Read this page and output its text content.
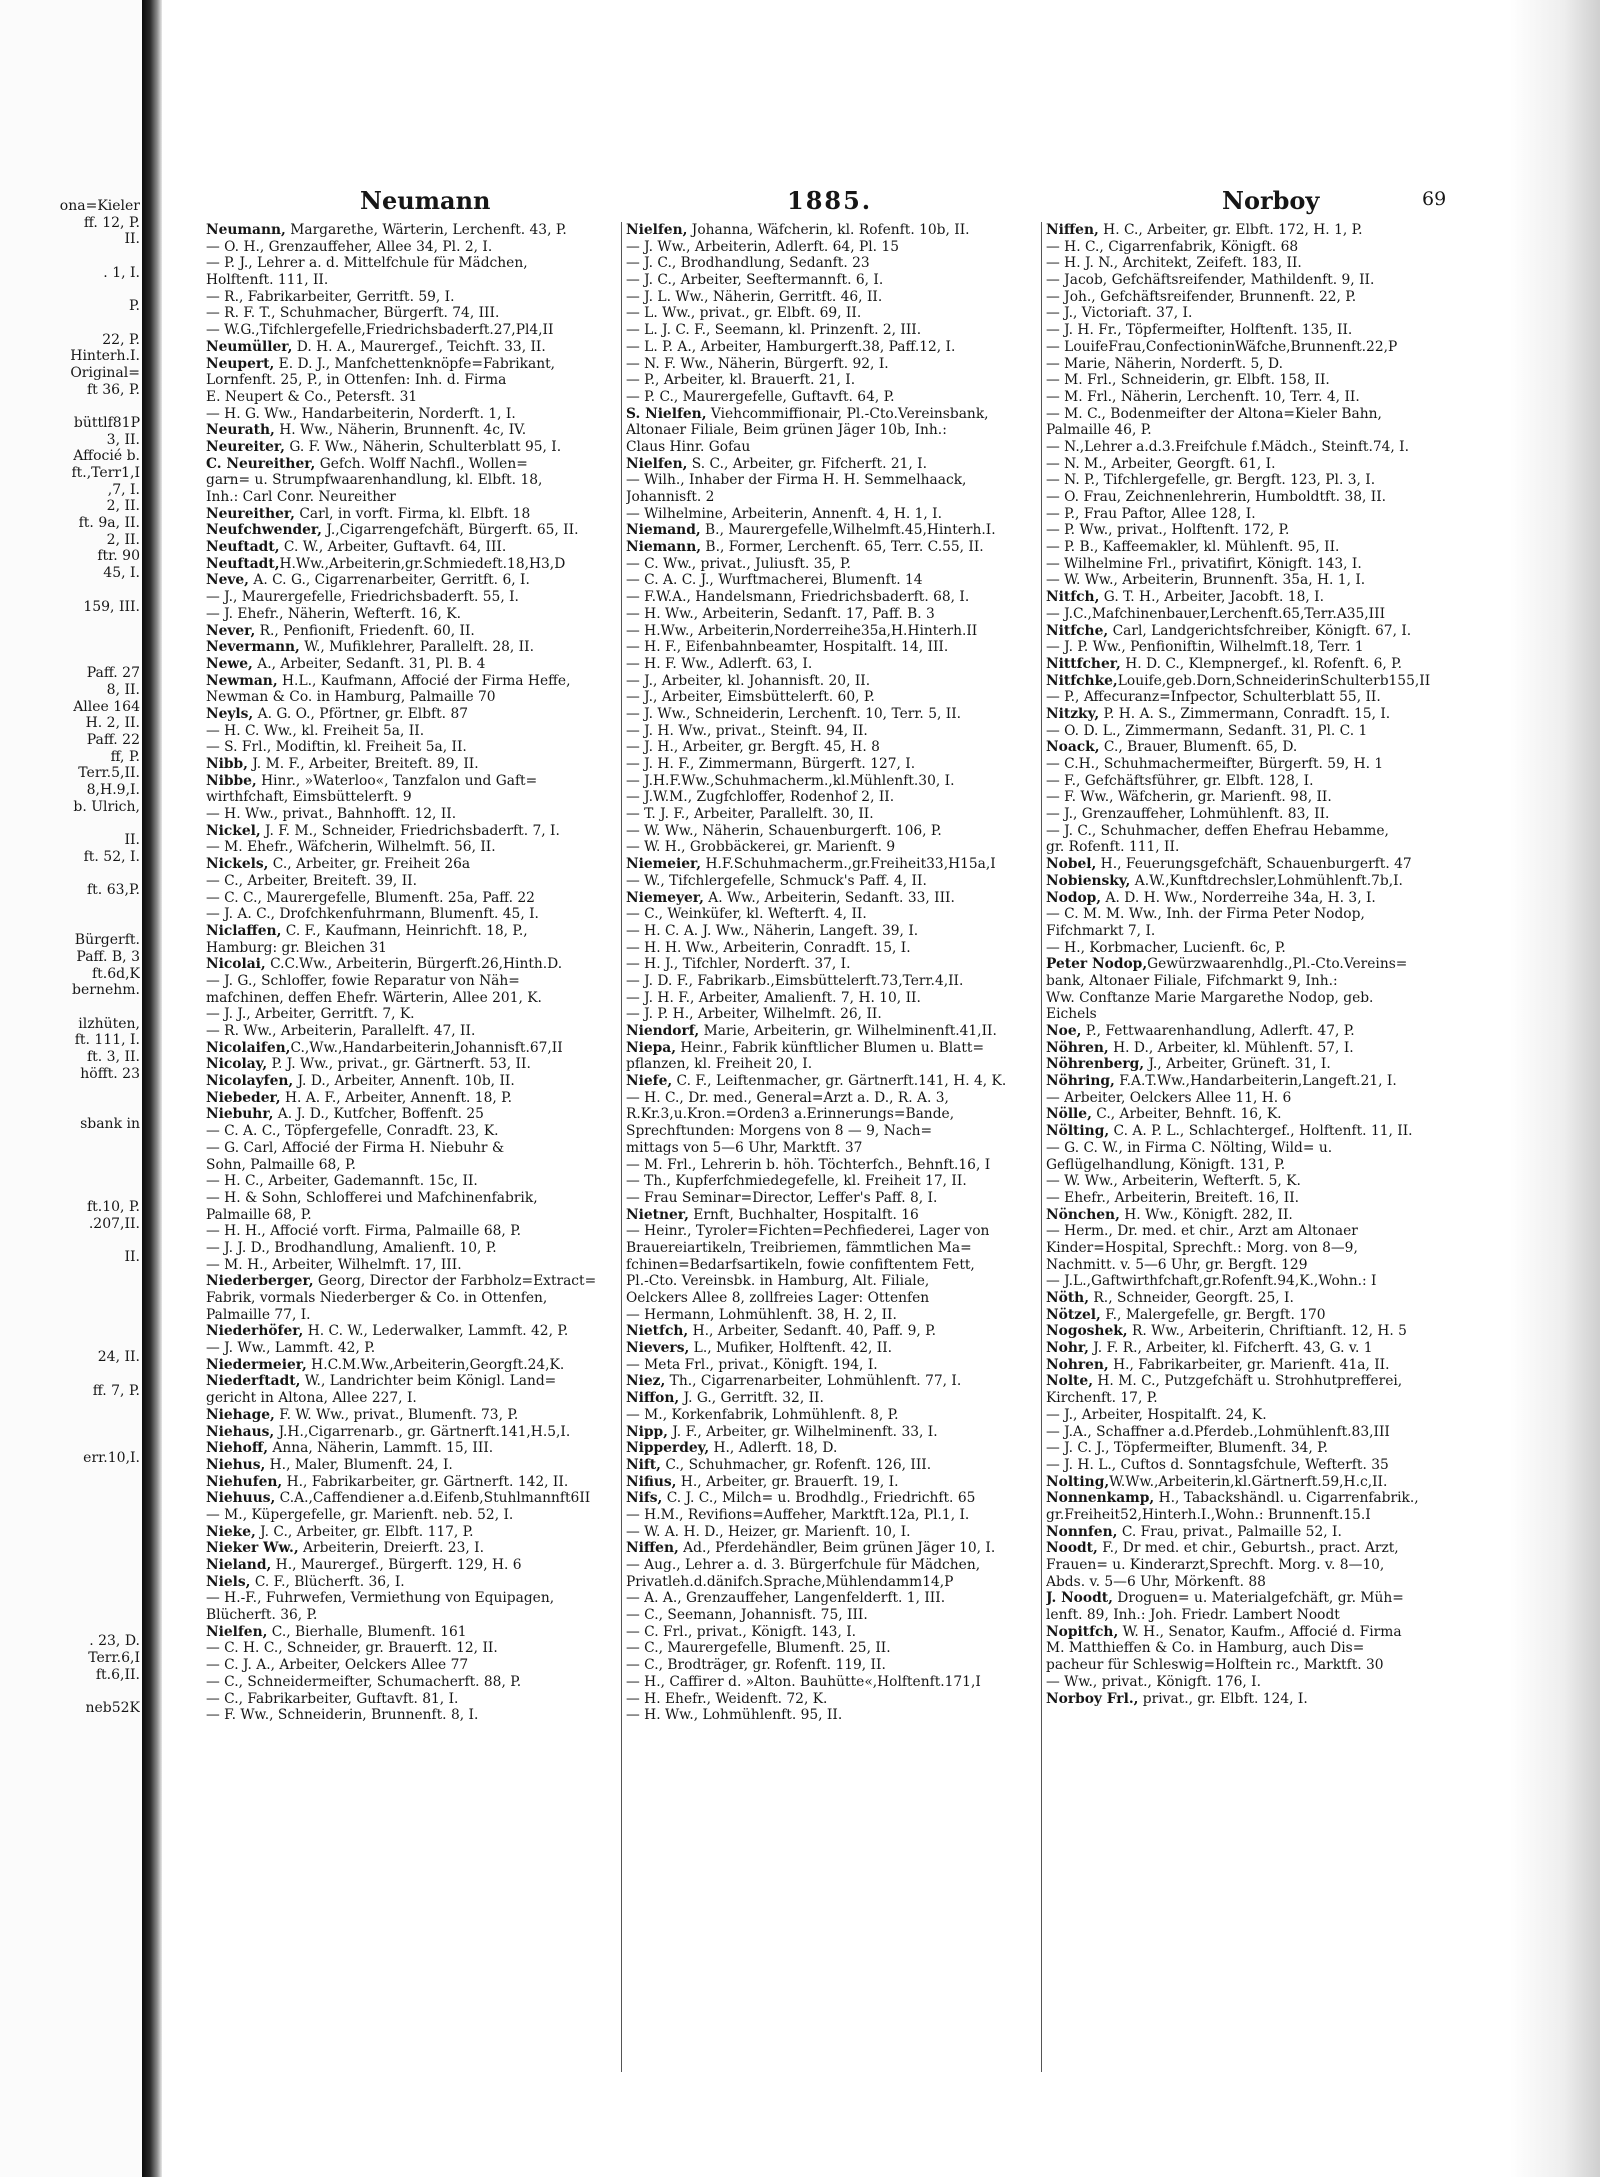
ona=Kieler
ff. 12, P.
II.
. 1, I.
P.
22, P.
Hinterh.I.
Original=
ft 36, P.
büttlf81P
3, II.
Affocié b.
ft.,Terr1,I
,7, I.
2, II.
ft. 9a, II.
2, II.
ftr. 90
45, I.
159, III.
Paff. 27
8, II.
Allee 164
H. 2, II.
Paff. 22
ff, P.
Terr.5,II.
8,H.9,I.
b. Ulrich,
II.
ft. 52, I.
ft. 63,P.
Bürgerft.
Paff. B, 3
ft.6d,K
bernehm.
ilzhüten,
ft. 111, I.
ft. 3, II.
höfft. 23
sbank in
ft.10, P.
.207,II.
II.
24, II.
ff. 7, P.
err.10,I.
. 23, D.
Terr.6,I
ft.6,II.
neb52K
Neumann	1885.	Norboy	69
Neumann, Margarethe, Wärterin, Lerchenft. 43, P.
— O. H., Grenzauffeher, Allee 34, Pl. 2, I.
— P. J., Lehrer a. d. Mittelfchule für Mädchen,
Holftenft. 111, II.
— R., Fabrikarbeiter, Gerritft. 59, I.
— R. F. T., Schuhmacher, Bürgerft. 74, III.
— W.G.,Tifchlergefelle,Friedrichsbaderft.27,Pl4,II
Neumüller, D. H. A., Maurergef., Teichft. 33, II.
Neupert, E. D. J., Manfchettenknöpfe=Fabrikant,
Lornfenft. 25, P., in Ottenfen: Inh. d. Firma
E. Neupert & Co., Petersft. 31
— H. G. Ww., Handarbeiterin, Norderft. 1, I.
Neurath, H. Ww., Näherin, Brunnenft. 4c, IV.
Neureiter, G. F. Ww., Näherin, Schulterblatt 95, I.
C. Neureither, Gefch. Wolff Nachfl., Wollen=
garn= u. Strumpfwaarenhandlung, kl. Elbft. 18,
Inh.: Carl Conr. Neureither
Neureither, Carl, in vorft. Firma, kl. Elbft. 18
Neufchwender, J.,Cigarrengefchäft, Bürgerft. 65, II.
Neuftadt, C. W., Arbeiter, Guftavft. 64, III.
Neuftadt,H.Ww.,Arbeiterin,gr.Schmiedeft.18,H3,D
Neve, A. C. G., Cigarrenarbeiter, Gerritft. 6, I.
— J., Maurergefelle, Friedrichsbaderft. 55, I.
— J. Ehefr., Näherin, Wefterft. 16, K.
Never, R., Penfionift, Friedenft. 60, II.
Nevermann, W., Mufiklehrer, Parallelft. 28, II.
Newe, A., Arbeiter, Sedanft. 31, Pl. B. 4
Newman, H.L., Kaufmann, Affocié der Firma Heffe,
Newman & Co. in Hamburg, Palmaille 70
Neyls, A. G. O., Pförtner, gr. Elbft. 87
— H. C. Ww., kl. Freiheit 5a, II.
— S. Frl., Modiftin, kl. Freiheit 5a, II.
Nibb, J. M. F., Arbeiter, Breiteft. 89, II.
Nibbe, Hinr., »Waterloo«, Tanzfalon und Gaft=
wirthfchaft, Eimsbüttelerft. 9
— H. Ww., privat., Bahnhofft. 12, II.
Nickel, J. F. M., Schneider, Friedrichsbaderft. 7, I.
— M. Ehefr., Wäfcherin, Wilhelmft. 56, II.
Nickels, C., Arbeiter, gr. Freiheit 26a
— C., Arbeiter, Breiteft. 39, II.
— C. C., Maurergefelle, Blumenft. 25a, Paff. 22
— J. A. C., Drofchkenfuhrmann, Blumenft. 45, I.
Niclaffen, C. F., Kaufmann, Heinrichft. 18, P.,
Hamburg: gr. Bleichen 31
Nicolai, C.C.Ww., Arbeiterin, Bürgerft.26,Hinth.D.
— J. G., Schloffer, fowie Reparatur von Näh=
mafchinen, deffen Ehefr. Wärterin, Allee 201, K.
— J. J., Arbeiter, Gerritft. 7, K.
— R. Ww., Arbeiterin, Parallelft. 47, II.
Nicolaifen,C.,Ww.,Handarbeiterin,Johannisft.67,II
Nicolay, P. J. Ww., privat., gr. Gärtnerft. 53, II.
Nicolayfen, J. D., Arbeiter, Annenft. 10b, II.
Niebeder, H. A. F., Arbeiter, Annenft. 18, P.
Niebuhr, A. J. D., Kutfcher, Boffenft. 25
— C. A. C., Töpfergefelle, Conradft. 23, K.
— G. Carl, Affocié der Firma H. Niebuhr &
Sohn, Palmaille 68, P.
— H. C., Arbeiter, Gademannft. 15c, II.
— H. & Sohn, Schlofferei und Mafchinenfabrik,
Palmaille 68, P.
— H. H., Affocié vorft. Firma, Palmaille 68, P.
— J. J. D., Brodhandlung, Amalienft. 10, P.
— M. H., Arbeiter, Wilhelmft. 17, III.
Niederberger, Georg, Director der Farbholz=Extract=
Fabrik, vormals Niederberger & Co. in Ottenfen,
Palmaille 77, I.
Niederhöfer, H. C. W., Lederwalker, Lammft. 42, P.
— J. Ww., Lammft. 42, P.
Niedermeier, H.C.M.Ww.,Arbeiterin,Georgft.24,K.
Niederftadt, W., Landrichter beim Königl. Land=
gericht in Altona, Allee 227, I.
Niehage, F. W. Ww., privat., Blumenft. 73, P.
Niehaus, J.H.,Cigarrenarb., gr. Gärtnerft.141,H.5,I.
Niehoff, Anna, Näherin, Lammft. 15, III.
Niehus, H., Maler, Blumenft. 24, I.
Niehufen, H., Fabrikarbeiter, gr. Gärtnerft. 142, II.
Niehuus, C.A.,Caffendiener a.d.Eifenb,Stuhlmannft6II
— M., Küpergefelle, gr. Marienft. neb. 52, I.
Nieke, J. C., Arbeiter, gr. Elbft. 117, P.
Nieker Ww., Arbeiterin, Dreierft. 23, I.
Nieland, H., Maurergef., Bürgerft. 129, H. 6
Niels, C. F., Blücherft. 36, I.
— H.-F., Fuhrwefen, Vermiethung von Equipagen,
Blücherft. 36, P.
Nielfen, C., Bierhalle, Blumenft. 161
— C. H. C., Schneider, gr. Brauerft. 12, II.
— C. J. A., Arbeiter, Oelckers Allee 77
— C., Schneidermeifter, Schumacherft. 88, P.
— C., Fabrikarbeiter, Guftavft. 81, I.
— F. Ww., Schneiderin, Brunnenft. 8, I.
Nielfen, Johanna, Wäfcherin, kl. Rofenft. 10b, II.
— J. Ww., Arbeiterin, Adlerft. 64, Pl. 15
— J. C., Brodhandlung, Sedanft. 23
— J. C., Arbeiter, Seeftermannft. 6, I.
— J. L. Ww., Näherin, Gerritft. 46, II.
— L. Ww., privat., gr. Elbft. 69, II.
— L. J. C. F., Seemann, kl. Prinzenft. 2, III.
— L. P. A., Arbeiter, Hamburgerft.38, Paff.12, I.
— N. F. Ww., Näherin, Bürgerft. 92, I.
— P., Arbeiter, kl. Brauerft. 21, I.
— P. C., Maurergefelle, Guftavft. 64, P.
S. Nielfen, Viehcommiffionair, Pl.-Cto.Vereinsbank,
Altonaer Filiale, Beim grünen Jäger 10b, Inh.:
Claus Hinr. Gofau
Nielfen, S. C., Arbeiter, gr. Fifcherft. 21, I.
— Wilh., Inhaber der Firma H. H. Semmelhaack,
Johannisft. 2
— Wilhelmine, Arbeiterin, Annenft. 4, H. 1, I.
Niemand, B., Maurergefelle,Wilhelmft.45,Hinterh.I.
Niemann, B., Former, Lerchenft. 65, Terr. C.55, II.
— C. Ww., privat., Juliusft. 35, P.
— C. A. C. J., Wurftmacherei, Blumenft. 14
— F.W.A., Handelsmann, Friedrichsbaderft. 68, I.
— H. Ww., Arbeiterin, Sedanft. 17, Paff. B. 3
— H.Ww., Arbeiterin,Norderreihe35a,H.Hinterh.II
— H. F., Eifenbahnbeamter, Hospitalft. 14, III.
— H. F. Ww., Adlerft. 63, I.
— J., Arbeiter, kl. Johannisft. 20, II.
— J., Arbeiter, Eimsbüttelerft. 60, P.
— J. Ww., Schneiderin, Lerchenft. 10, Terr. 5, II.
— J. H. Ww., privat., Steinft. 94, II.
— J. H., Arbeiter, gr. Bergft. 45, H. 8
— J. H. F., Zimmermann, Bürgerft. 127, I.
— J.H.F.Ww.,Schuhmacherm.,kl.Mühlenft.30, I.
— J.W.M., Zugfchloffer, Rodenhof 2, II.
— T. J. F., Arbeiter, Parallelft. 30, II.
— W. Ww., Näherin, Schauenburgerft. 106, P.
— W. H., Grobbäckerei, gr. Marienft. 9
Niemeier, H.F.Schuhmacherm.,gr.Freiheit33,H15a,I
— W., Tifchlergefelle, Schmuck's Paff. 4, II.
Niemeyer, A. Ww., Arbeiterin, Sedanft. 33, III.
— C., Weinküfer, kl. Wefterft. 4, II.
— H. C. A. J. Ww., Näherin, Langeft. 39, I.
— H. H. Ww., Arbeiterin, Conradft. 15, I.
— H. J., Tifchler, Norderft. 37, I.
— J. D. F., Fabrikarb.,Eimsbüttelerft.73,Terr.4,II.
— J. H. F., Arbeiter, Amalienft. 7, H. 10, II.
— J. P. H., Arbeiter, Wilhelmft. 26, II.
Niendorf, Marie, Arbeiterin, gr. Wilhelminenft.41,II.
Niepa, Heinr., Fabrik künftlicher Blumen u. Blatt=
pflanzen, kl. Freiheit 20, I.
Niefe, C. F., Leiftenmacher, gr. Gärtnerft.141, H. 4, K.
— H. C., Dr. med., General=Arzt a. D., R. A. 3,
R.Kr.3,u.Kron.=Orden3 a.Erinnerungs=Bande,
Sprechftunden: Morgens von 8 — 9, Nach=
mittags von 5—6 Uhr, Marktft. 37
— M. Frl., Lehrerin b. höh. Töchterfch., Behnft.16, I
— Th., Kupferfchmiedegefelle, kl. Freiheit 17, II.
— Frau Seminar=Director, Leffer's Paff. 8, I.
Nietner, Ernft, Buchhalter, Hospitalft. 16
— Heinr., Tyroler=Fichten=Pechfiederei, Lager von
Brauereiartikeln, Treibriemen, fämmtlichen Ma=
fchinen=Bedarfsartikeln, fowie confiftentem Fett,
Pl.-Cto. Vereinsbk. in Hamburg, Alt. Filiale,
Oelckers Allee 8, zollfreies Lager: Ottenfen
— Hermann, Lohmühlenft. 38, H. 2, II.
Nietfch, H., Arbeiter, Sedanft. 40, Paff. 9, P.
Nievers, L., Mufiker, Holftenft. 42, II.
— Meta Frl., privat., Königft. 194, I.
Niez, Th., Cigarrenarbeiter, Lohmühlenft. 77, I.
Niffon, J. G., Gerritft. 32, II.
— M., Korkenfabrik, Lohmühlenft. 8, P.
Nipp, J. F., Arbeiter, gr. Wilhelminenft. 33, I.
Nipperdey, H., Adlerft. 18, D.
Nift, C., Schuhmacher, gr. Rofenft. 126, III.
Nifius, H., Arbeiter, gr. Brauerft. 19, I.
Nifs, C. J. C., Milch= u. Brodhdlg., Friedrichft. 65
— H.M., Revifions=Auffeher, Marktft.12a, Pl.1, I.
— W. A. H. D., Heizer, gr. Marienft. 10, I.
Niffen, Ad., Pferdehändler, Beim grünen Jäger 10, I.
— Aug., Lehrer a. d. 3. Bürgerfchule für Mädchen,
Privatleh.d.dänifch.Sprache,Mühlendamm14,P
— A. A., Grenzauffeher, Langenfelderft. 1, III.
— C., Seemann, Johannisft. 75, III.
— C. Frl., privat., Königft. 143, I.
— C., Maurergefelle, Blumenft. 25, II.
— C., Brodträger, gr. Rofenft. 119, II.
— H., Caffirer d. »Alton. Bauhütte«,Holftenft.171,I
— H. Ehefr., Weidenft. 72, K.
— H. Ww., Lohmühlenft. 95, II.
Niffen, H. C., Arbeiter, gr. Elbft. 172, H. 1, P.
— H. C., Cigarrenfabrik, Königft. 68
— H. J. N., Architekt, Zeifeft. 183, II.
— Jacob, Gefchäftsreifender, Mathildenft. 9, II.
— Joh., Gefchäftsreifender, Brunnenft. 22, P.
— J., Victoriaft. 37, I.
— J. H. Fr., Töpfermeifter, Holftenft. 135, II.
— LouifeFrau,ConfectioninWäfche,Brunnenft.22,P
— Marie, Näherin, Norderft. 5, D.
— M. Frl., Schneiderin, gr. Elbft. 158, II.
— M. Frl., Näherin, Lerchenft. 10, Terr. 4, II.
— M. C., Bodenmeifter der Altona=Kieler Bahn,
Palmaille 46, P.
— N.,Lehrer a.d.3.Freifchule f.Mädch., Steinft.74, I.
— N. M., Arbeiter, Georgft. 61, I.
— N. P., Tifchlergefelle, gr. Bergft. 123, Pl. 3, I.
— O. Frau, Zeichnenlehrerin, Humboldtft. 38, II.
— P., Frau Paftor, Allee 128, I.
— P. Ww., privat., Holftenft. 172, P.
— P. B., Kaffeemakler, kl. Mühlenft. 95, II.
— Wilhelmine Frl., privatifirt, Königft. 143, I.
— W. Ww., Arbeiterin, Brunnenft. 35a, H. 1, I.
Nitfch, G. T. H., Arbeiter, Jacobft. 18, I.
— J.C.,Mafchinenbauer,Lerchenft.65,Terr.A35,III
Nitfche, Carl, Landgerichtsfchreiber, Königft. 67, I.
— J. P. Ww., Penfioniftin, Wilhelmft.18, Terr. 1
Nittfcher, H. D. C., Klempnergef., kl. Rofenft. 6, P.
Nitfchke,Louife,geb.Dorn,SchneiderinSchulterb155,II
— P., Affecuranz=Infpector, Schulterblatt 55, II.
Nitzky, P. H. A. S., Zimmermann, Conradft. 15, I.
— O. D. L., Zimmermann, Sedanft. 31, Pl. C. 1
Noack, C., Brauer, Blumenft. 65, D.
— C.H., Schuhmachermeifter, Bürgerft. 59, H. 1
— F., Gefchäftsführer, gr. Elbft. 128, I.
— F. Ww., Wäfcherin, gr. Marienft. 98, II.
— J., Grenzauffeher, Lohmühlenft. 83, II.
— J. C., Schuhmacher, deffen Ehefrau Hebamme,
gr. Rofenft. 111, II.
Nobel, H., Feuerungsgefchäft, Schauenburgerft. 47
Nobiensky, A.W.,Kunftdrechsler,Lohmühlenft.7b,I.
Nodop, A. D. H. Ww., Norderreihe 34a, H. 3, I.
— C. M. M. Ww., Inh. der Firma Peter Nodop,
Fifchmarkt 7, I.
— H., Korbmacher, Lucienft. 6c, P.
Peter Nodop,Gewürzwaarenhdlg.,Pl.-Cto.Vereins=
bank, Altonaer Filiale, Fifchmarkt 9, Inh.:
Ww. Conftanze Marie Margarethe Nodop, geb.
Eichels
Noe, P., Fettwaarenhandlung, Adlerft. 47, P.
Nöhren, H. D., Arbeiter, kl. Mühlenft. 57, I.
Nöhrenberg, J., Arbeiter, Grüneft. 31, I.
Nöhring, F.A.T.Ww.,Handarbeiterin,Langeft.21, I.
— Arbeiter, Oelckers Allee 11, H. 6
Nölle, C., Arbeiter, Behnft. 16, K.
Nölting, C. A. P. L., Schlachtergef., Holftenft. 11, II.
— G. C. W., in Firma C. Nölting, Wild= u.
Geflügelhandlung, Königft. 131, P.
— W. Ww., Arbeiterin, Wefterft. 5, K.
— Ehefr., Arbeiterin, Breiteft. 16, II.
Nönchen, H. Ww., Königft. 282, II.
— Herm., Dr. med. et chir., Arzt am Altonaer
Kinder=Hospital, Sprechft.: Morg. von 8—9,
Nachmitt. v. 5—6 Uhr, gr. Bergft. 129
— J.L.,Gaftwirthfchaft,gr.Rofenft.94,K.,Wohn.: I
Nöth, R., Schneider, Georgft. 25, I.
Nötzel, F., Malergefelle, gr. Bergft. 170
Nogoshek, R. Ww., Arbeiterin, Chriftianft. 12, H. 5
Nohr, J. F. R., Arbeiter, kl. Fifcherft. 43, G. v. 1
Nohren, H., Fabrikarbeiter, gr. Marienft. 41a, II.
Nolte, H. M. C., Putzgefchäft u. Strohhutprefferei,
Kirchenft. 17, P.
— J., Arbeiter, Hospitalft. 24, K.
— J.A., Schaffner a.d.Pferdeb.,Lohmühlenft.83,III
— J. C. J., Töpfermeifter, Blumenft. 34, P.
— J. H. L., Cuftos d. Sonntagsfchule, Wefterft. 35
Nolting,W.Ww.,Arbeiterin,kl.Gärtnerft.59,H.c,II.
Nonnenkamp, H., Tabackshändl. u. Cigarrenfabrik.,
gr.Freiheit52,Hinterh.I.,Wohn.: Brunnenft.15.I
Nonnfen, C. Frau, privat., Palmaille 52, I.
Noodt, F., Dr med. et chir., Geburtsh., pract. Arzt,
Frauen= u. Kinderarzt,Sprechft. Morg. v. 8—10,
Abds. v. 5—6 Uhr, Mörkenft. 88
J. Noodt, Droguen= u. Materialgefchäft, gr. Müh=
lenft. 89, Inh.: Joh. Friedr. Lambert Noodt
Nopitfch, W. H., Senator, Kaufm., Affocié d. Firma
M. Matthieffen & Co. in Hamburg, auch Dis=
pacheur für Schleswig=Holftein rc., Marktft. 30
— Ww., privat., Königft. 176, I.
Norboy Frl., privat., gr. Elbft. 124, I.
